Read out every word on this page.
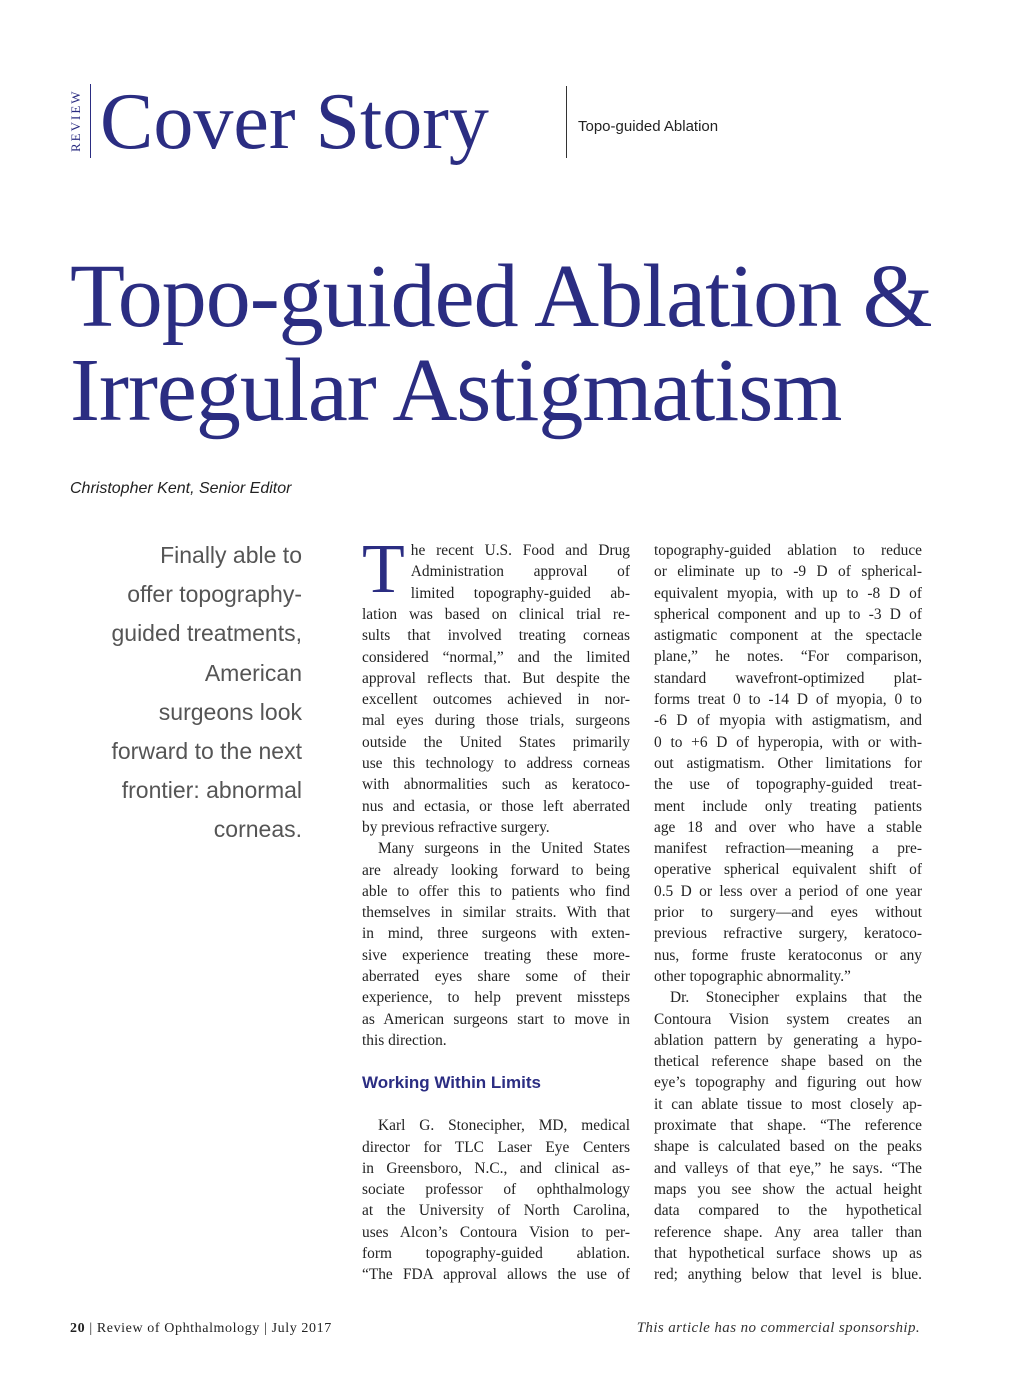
REVIEW Cover Story	Topo-guided Ablation
Topo-guided Ablation &
Irregular Astigmatism
Christopher Kent, Senior Editor
Finally able to
offer topography-
guided treatments,
American
surgeons look
forward to the next
frontier: abnormal
corneas.
T he recent U.S. Food and Drug
Administration approval of
limited topography-guided ab-
lation was based on clinical trial re-
sults that involved treating corneas
considered “normal,” and the limited
approval reflects that. But despite the
excellent outcomes achieved in nor-
mal eyes during those trials, surgeons
outside the United States primarily
use this technology to address corneas
with abnormalities such as keratoco-
nus and ectasia, or those left aberrated
by previous refractive surgery.
Many surgeons in the United States
are already looking forward to being
able to offer this to patients who find
themselves in similar straits. With that
in mind, three surgeons with exten-
sive experience treating these more-
aberrated eyes share some of their
experience, to help prevent missteps
as American surgeons start to move in
this direction.
Working Within Limits
Karl G. Stonecipher, MD, medical
director for TLC Laser Eye Centers
in Greensboro, N.C., and clinical as-
sociate professor of ophthalmology
at the University of North Carolina,
uses Alcon’s Contoura Vision to per-
form topography-guided ablation.
“The FDA approval allows the use of
topography-guided ablation to reduce
or eliminate up to -9 D of spherical-
equivalent myopia, with up to -8 D of
spherical component and up to -3 D of
astigmatic component at the spectacle
plane,” he notes. “For comparison,
standard wavefront-optimized plat-
forms treat 0 to -14 D of myopia, 0 to
-6 D of myopia with astigmatism, and
0 to +6 D of hyperopia, with or with-
out astigmatism. Other limitations for
the use of topography-guided treat-
ment include only treating patients
age 18 and over who have a stable
manifest refraction—meaning a pre-
operative spherical equivalent shift of
0.5 D or less over a period of one year
prior to surgery—and eyes without
previous refractive surgery, keratoco-
nus, forme fruste keratoconus or any
other topographic abnormality.”
Dr. Stonecipher explains that the
Contoura Vision system creates an
ablation pattern by generating a hypo-
thetical reference shape based on the
eye’s topography and figuring out how
it can ablate tissue to most closely ap-
proximate that shape. “The reference
shape is calculated based on the peaks
and valleys of that eye,” he says. “The
maps you see show the actual height
data compared to the hypothetical
reference shape. Any area taller than
that hypothetical surface shows up as
red; anything below that level is blue.
20 | Review of Ophthalmology | July 2017	This article has no commercial sponsorship.
